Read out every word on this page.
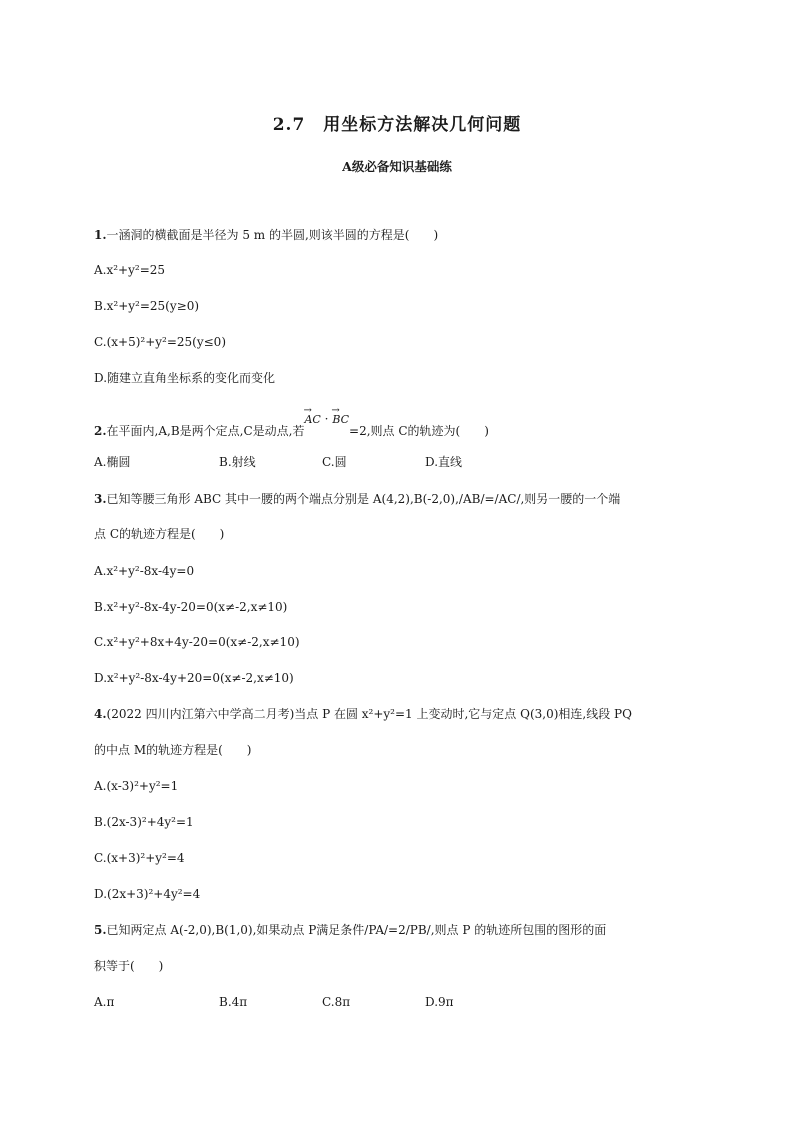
2.7　用坐标方法解决几何问题
A级必备知识基础练
1.一涵洞的横截面是半径为 5 m 的半圆,则该半圆的方程是(　　)
A.x²+y²=25
B.x²+y²=25(y≥0)
C.(x+5)²+y²=25(y≤0)
D.随建立直角坐标系的变化而变化
2.在平面内,A,B是两个定点,C是动点,若
→
AC ·
→
BC=2,则点 C的轨迹为(　　)
A.椭圆	B.射线	C.圆	D.直线
3.已知等腰三角形 ABC 其中一腰的两个端点分别是 A(4,2),B(-2,0),/AB/=/AC/,则另一腰的一个端
点 C的轨迹方程是(　　)
A.x²+y²-8x-4y=0
B.x²+y²-8x-4y-20=0(x≠-2,x≠10)
C.x²+y²+8x+4y-20=0(x≠-2,x≠10)
D.x²+y²-8x-4y+20=0(x≠-2,x≠10)
4.(2022 四川内江第六中学高二月考)当点 P 在圆 x²+y²=1 上变动时,它与定点 Q(3,0)相连,线段 PQ
的中点 M的轨迹方程是(　　)
A.(x-3)²+y²=1
B.(2x-3)²+4y²=1
C.(x+3)²+y²=4
D.(2x+3)²+4y²=4
5.已知两定点 A(-2,0),B(1,0),如果动点 P满足条件/PA/=2/PB/,则点 P 的轨迹所包围的图形的面
积等于(　　)
A.π	B.4π	C.8π	D.9π
